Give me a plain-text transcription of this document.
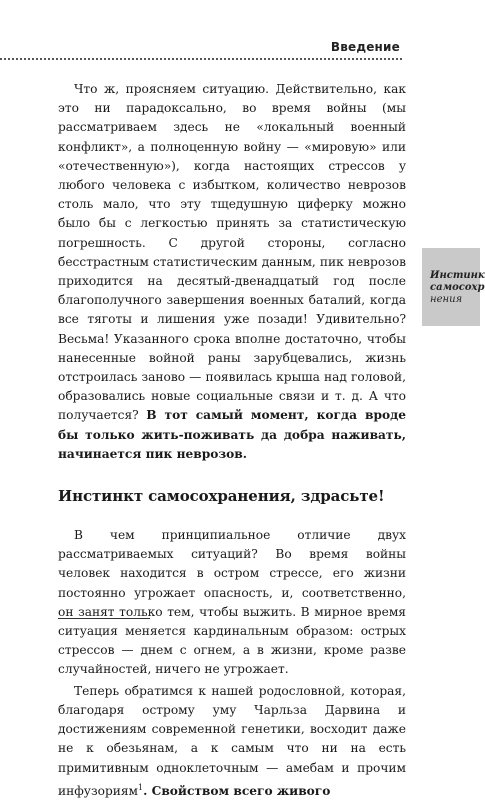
Введение
Инстинк
самосохр
нения

Что ж, проясняем ситуацию. Действительно, как это ни парадоксально, во время войны (мы рассматриваем здесь не «локальный военный конфликт», а полноценную войну — «мировую» или «отечественную»), когда настоящих стрессов у любого человека с избытком, количество неврозов столь мало, что эту тщедушную циферку можно было бы с легкостью принять за статистическую погрешность. С другой стороны, согласно бесстрастным статистическим данным, пик неврозов приходится на десятый-двенадцатый год после благополучного завершения военных баталий, когда все тяготы и лишения уже позади! Удивительно? Весьма! Указанного срока вполне достаточно, чтобы нанесенные войной раны зарубцевались, жизнь отстроилась заново — появилась крыша над головой, образовались новые социальные связи и т. д. А что получается? В тот самый момент, когда вроде бы только жить-поживать да добра наживать, начинается пик неврозов.

Инстинкт самосохранения, здрасьте!

В чем принципиальное отличие двух рассматриваемых ситуаций? Во время войны человек находится в остром стрессе, его жизни постоянно угрожает опасность, и, соответственно, он занят только тем, чтобы выжить. В мирное время ситуация меняется кардинальным образом: острых стрессов — днем с огнем, а в жизни, кроме разве случайностей, ничего не угрожает.

Теперь обратимся к нашей родословной, которая, благодаря острому уму Чарльза Дарвина и достижениям современной генетики, восходит даже не к обезьянам, а к самым что ни на есть примитивным одноклеточным — амебам и прочим инфузориям$^1$. Свойством всего живого
